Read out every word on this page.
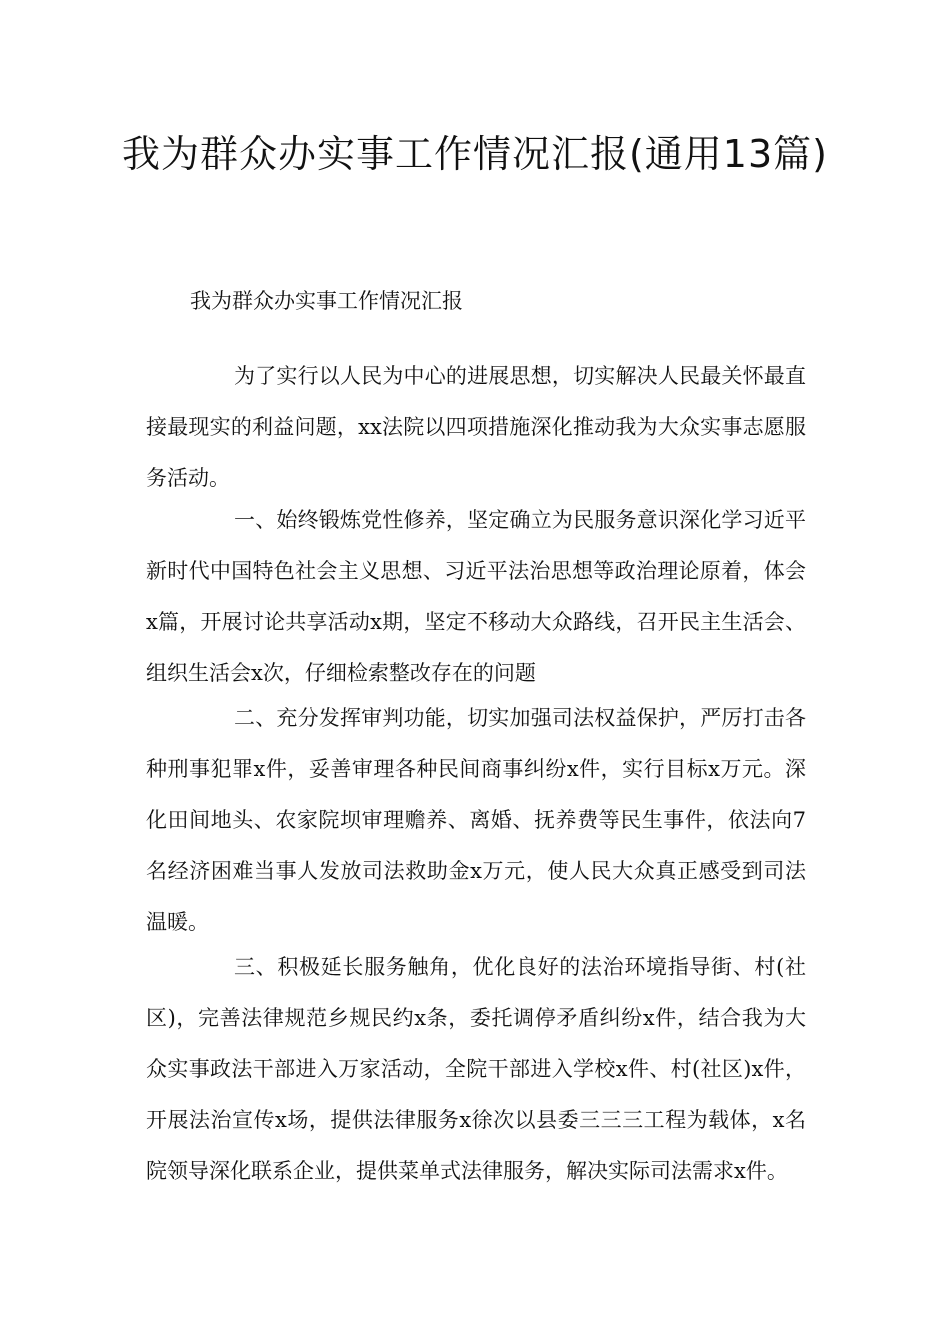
我为群众办实事工作情况汇报(通用13篇)
我为群众办实事工作情况汇报

为了实行以人民为中心的进展思想，切实解决人民最关怀最直接最现实的利益问题，xx法院以四项措施深化推动我为大众实事志愿服务活动。

一、始终锻炼党性修养，坚定确立为民服务意识深化学习近平新时代中国特色社会主义思想、习近平法治思想等政治理论原着，体会x篇，开展讨论共享活动x期，坚定不移动大众路线，召开民主生活会、组织生活会x次，仔细检索整改存在的问题

二、充分发挥审判功能，切实加强司法权益保护，严厉打击各种刑事犯罪x件，妥善审理各种民间商事纠纷x件，实行目标x万元。深化田间地头、农家院坝审理赡养、离婚、抚养费等民生事件，依法向7名经济困难当事人发放司法救助金x万元，使人民大众真正感受到司法温暖。

三、积极延长服务触角，优化良好的法治环境指导街、村(社区)，完善法律规范乡规民约x条，委托调停矛盾纠纷x件，结合我为大众实事政法干部进入万家活动，全院干部进入学校x件、村(社区)x件，开展法治宣传x场，提供法律服务x徐次以县委三三三工程为载体，x名院领导深化联系企业，提供菜单式法律服务，解决实际司法需求x件。
